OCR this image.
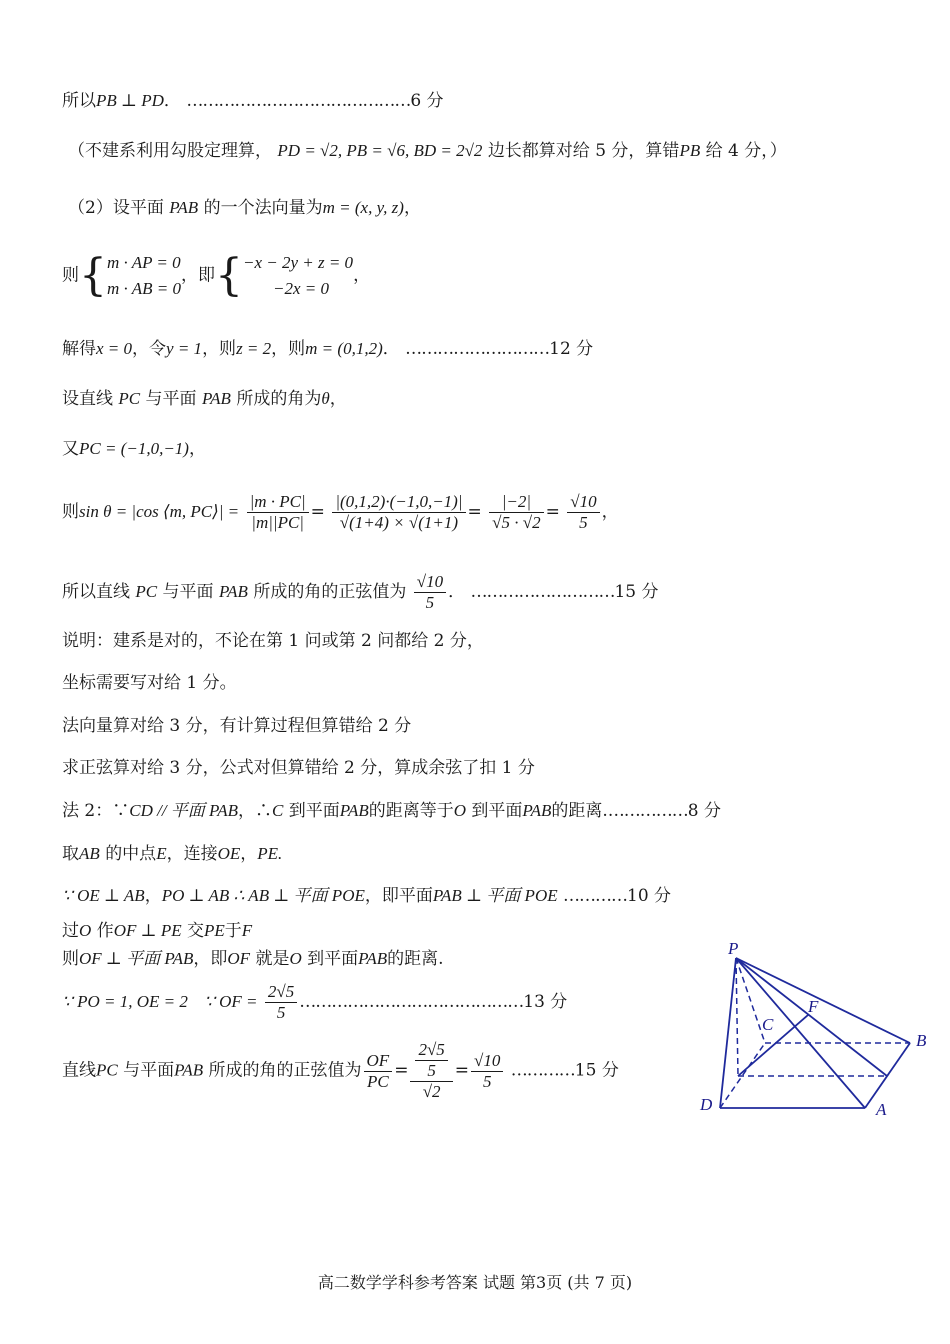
所以PB ⊥ PD． ……………………………………6 分
（不建系利用勾股定理算， PD = √2, PB = √6, BD = 2√2 边长都算对给 5 分，算错PB 给 4 分，）
（2）设平面 PAB 的一个法向量为m = (x, y, z)，
则{ m · AP = 0
m · AB = 0
，即{ −x − 2y + z = 0
−2x = 0
，
解得x = 0，令y = 1，则z = 2，则m = (0,1,2)． ………………………12 分
设直线 PC 与平面 PAB 所成的角为θ，
又PC = (−1,0,−1)，
则sin θ = |cos ⟨m, PC⟩| = $\frac{|m \cdot PC|}{|m||PC|} = \frac{|(0,1,2)\cdot(-1,0,-1)|}{√(1+4) \times √(1+1)} = \frac{|-2|}{√5 \cdot √2} = \frac{√10}{5}$ ，
所以直线 PC 与平面 PAB 所成的角的正弦值为 $\frac{√10}{5}$ ． ………………………15 分
说明：建系是对的，不论在第 1 问或第 2 问都给 2 分，
坐标需要写对给 1 分。
法向量算对给 3 分，有计算过程但算错给 2 分
求正弦算对给 3 分，公式对但算错给 2 分，算成余弦了扣 1 分
法 2：∵CD // 平面 PAB，∴C 到平面PAB的距离等于O 到平面PAB的距离.……………8 分
取AB 的中点E，连接OE，PE.
∵ OE ⊥ AB，PO ⊥ AB ∴ AB ⊥ 平面 POE，即平面PAB ⊥ 平面 POE …………10 分
过O 作OF ⊥ PE 交PE于F
则OF ⊥ 平面 PAB，即OF 就是O 到平面PAB的距离.
∵ PO = 1, OE = 2 ∵ OF = $\frac{2√5}{5}$ ……………………………………13 分
直线PC 与平面PAB 所成的角的正弦值为 $\frac{OF}{PC} = \frac{\frac{2√5}{5}}{√2} = \frac{√10}{5}$ …………15 分
P
C
F
B
D	A
高二数学学科参考答案 试题 第3页 (共 7 页)
